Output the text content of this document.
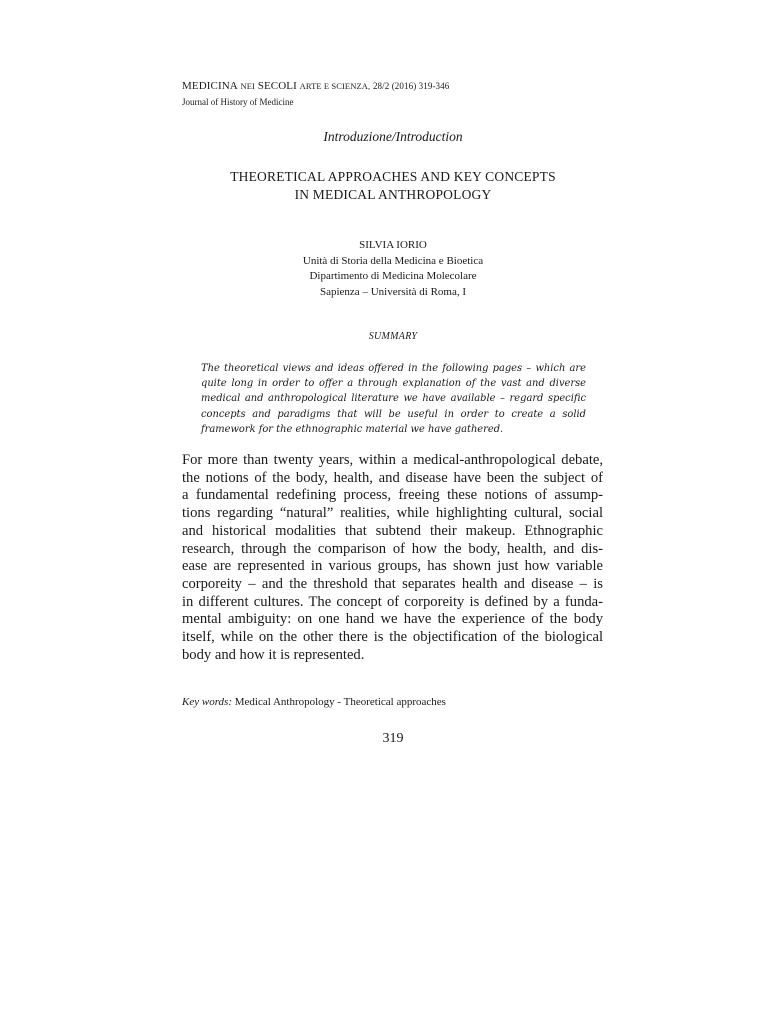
MEDICINA NEI SECOLI ARTE E SCIENZA, 28/2 (2016) 319-346
Journal of History of Medicine
Introduzione/Introduction
THEORETICAL APPROACHES AND KEY CONCEPTS
IN MEDICAL ANTHROPOLOGY
SILVIA IORIO
Unità di Storia della Medicina e Bioetica
Dipartimento di Medicina Molecolare
Sapienza – Università di Roma, I
SUMMARY
The theoretical views and ideas offered in the following pages – which are
quite long in order to offer a through explanation of the vast and diverse
medical and anthropological literature we have available – regard specific
concepts and paradigms that will be useful in order to create a solid
framework for the ethnographic material we have gathered.
For more than twenty years, within a medical-anthropological debate,
the notions of the body, health, and disease have been the subject of
a fundamental redefining process, freeing these notions of assump-
tions regarding “natural” realities, while highlighting cultural, social
and historical modalities that subtend their makeup. Ethnographic
research, through the comparison of how the body, health, and dis-
ease are represented in various groups, has shown just how variable
corporeity – and the threshold that separates health and disease – is
in different cultures. The concept of corporeity is defined by a funda-
mental ambiguity: on one hand we have the experience of the body
itself, while on the other there is the objectification of the biological
body and how it is represented.
Key words: Medical Anthropology - Theoretical approaches
319
